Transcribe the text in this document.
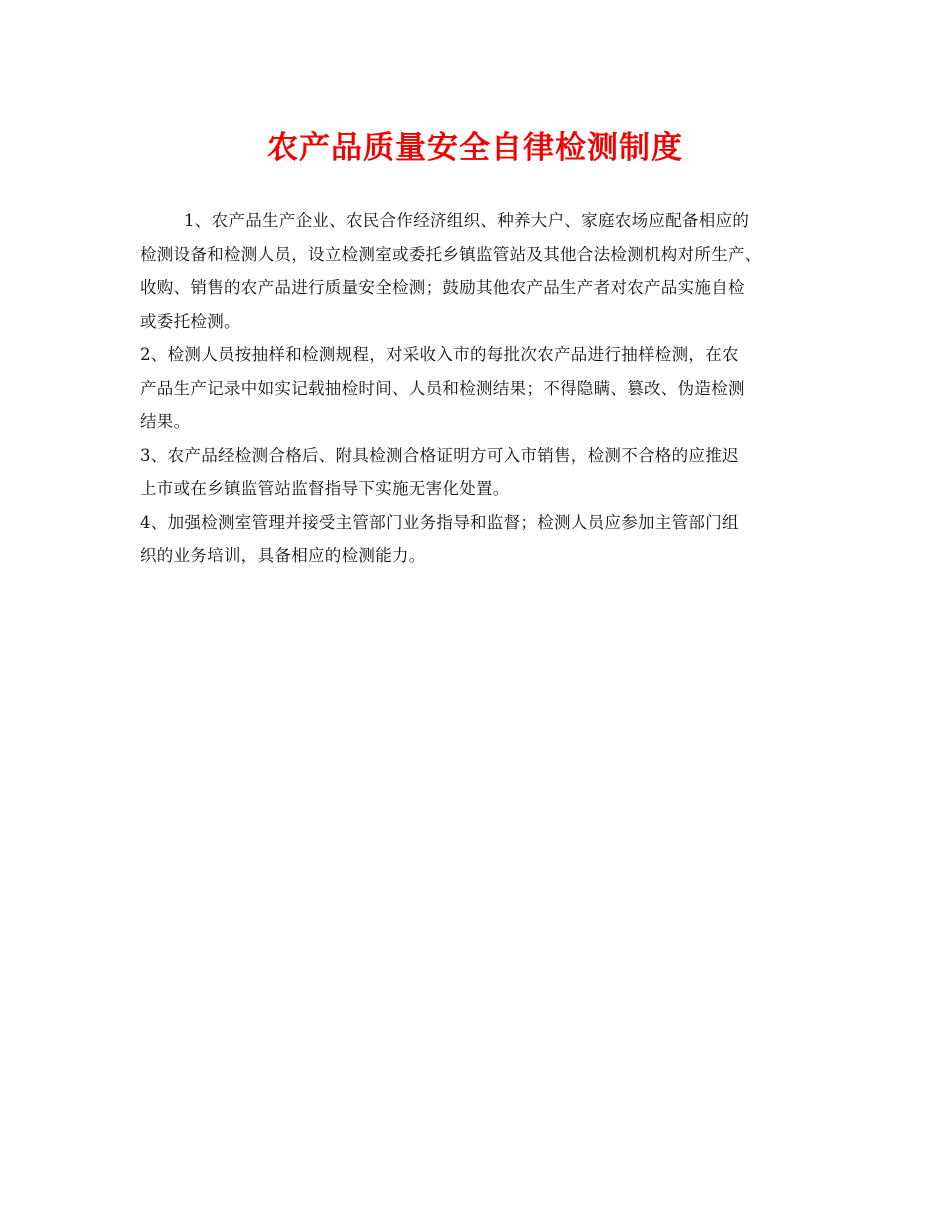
农产品质量安全自律检测制度
1、农产品生产企业、农民合作经济组织、种养大户、家庭农场应配备相应的
检测设备和检测人员，设立检测室或委托乡镇监管站及其他合法检测机构对所生产、
收购、销售的农产品进行质量安全检测；鼓励其他农产品生产者对农产品实施自检
或委托检测。
2、检测人员按抽样和检测规程，对采收入市的每批次农产品进行抽样检测，在农
产品生产记录中如实记载抽检时间、人员和检测结果；不得隐瞒、篡改、伪造检测
结果。
3、农产品经检测合格后、附具检测合格证明方可入市销售，检测不合格的应推迟
上市或在乡镇监管站监督指导下实施无害化处置。
4、加强检测室管理并接受主管部门业务指导和监督；检测人员应参加主管部门组
织的业务培训，具备相应的检测能力。
